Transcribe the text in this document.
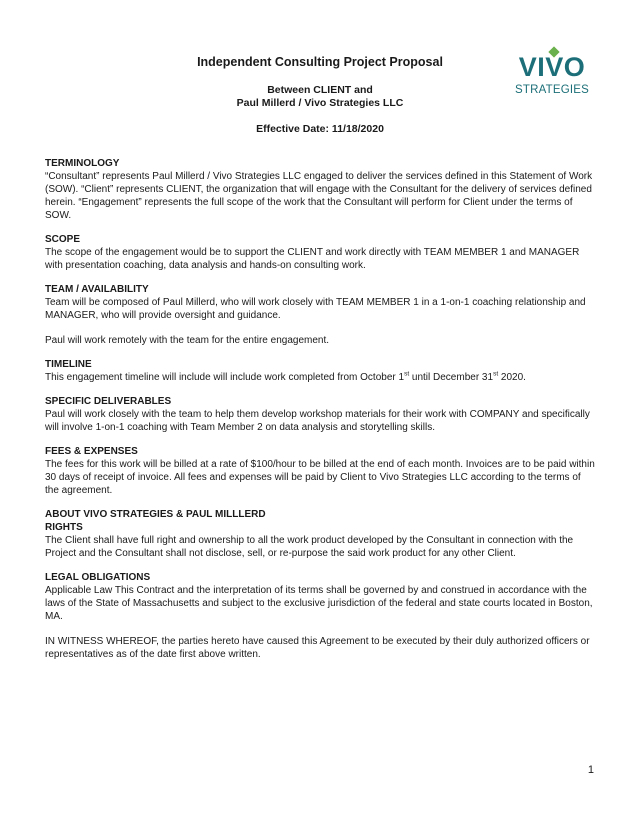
Independent Consulting Project Proposal
Between CLIENT and
Paul Millerd / Vivo Strategies LLC
Effective Date: 11/18/2020
VIVO
STRATEGIES

TERMINOLOGY

“Consultant” represents Paul Millerd / Vivo Strategies LLC engaged to deliver the services defined in this Statement of Work (SOW). “Client” represents CLIENT, the organization that will engage with the Consultant for the delivery of services defined herein. “Engagement” represents the full scope of the work that the Consultant will perform for Client under the terms of SOW.

SCOPE

The scope of the engagement would be to support the CLIENT and work directly with TEAM MEMBER 1 and MANAGER with presentation coaching, data analysis and hands-on consulting work.

TEAM / AVAILABILITY

Team will be composed of Paul Millerd, who will work closely with TEAM MEMBER 1 in a 1-on-1 coaching relationship and MANAGER, who will provide oversight and guidance.

Paul will work remotely with the team for the entire engagement.

TIMELINE

This engagement timeline will include will include work completed from October 1st until December 31st 2020.

SPECIFIC DELIVERABLES

Paul will work closely with the team to help them develop workshop materials for their work with COMPANY and specifically will involve 1-on-1 coaching with Team Member 2 on data analysis and storytelling skills.

FEES & EXPENSES

The fees for this work will be billed at a rate of $100/hour to be billed at the end of each month. Invoices are to be paid within 30 days of receipt of invoice. All fees and expenses will be paid by Client to Vivo Strategies LLC according to the terms of the agreement.

ABOUT VIVO STRATEGIES & PAUL MILLLERD

RIGHTS

The Client shall have full right and ownership to all the work product developed by the Consultant in connection with the Project and the Consultant shall not disclose, sell, or re-purpose the said work product for any other Client.

LEGAL OBLIGATIONS

Applicable Law This Contract and the interpretation of its terms shall be governed by and construed in accordance with the laws of the State of Massachusetts and subject to the exclusive jurisdiction of the federal and state courts located in Boston, MA.

IN WITNESS WHEREOF, the parties hereto have caused this Agreement to be executed by their duly authorized officers or representatives as of the date first above written.

1
